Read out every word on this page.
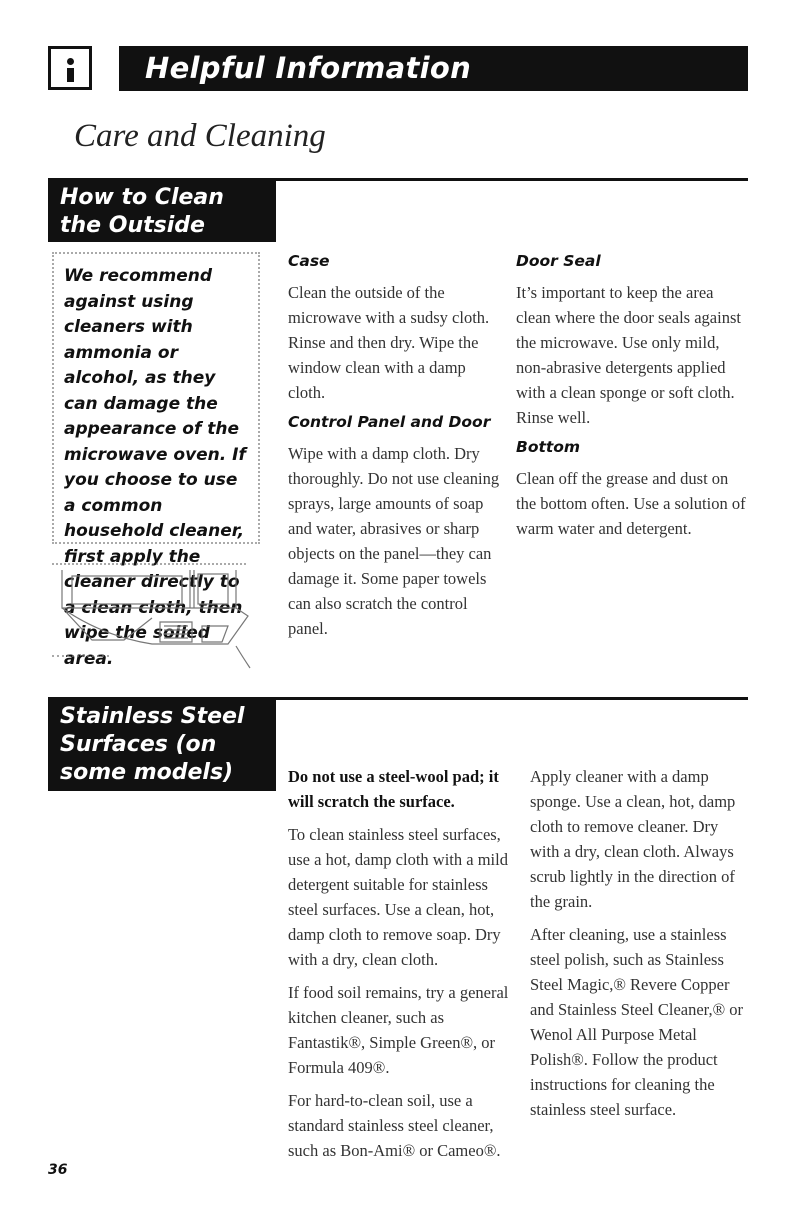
Helpful Information
Care and Cleaning
How to Clean
the Outside

We recommend against using cleaners with ammonia or alcohol, as they can damage the appearance of the microwave oven. If you choose to use a common household cleaner, first apply the cleaner directly to a clean cloth, then wipe the soiled area.

Case

Clean the outside of the microwave with a sudsy cloth. Rinse and then dry. Wipe the window clean with a damp cloth.

Control Panel and Door

Wipe with a damp cloth. Dry thoroughly. Do not use cleaning sprays, large amounts of soap and water, abrasives or sharp objects on the panel—they can damage it. Some paper towels can also scratch the control panel.

Door Seal

It’s important to keep the area clean where the door seals against the microwave. Use only mild, non-abrasive detergents applied with a clean sponge or soft cloth. Rinse well.

Bottom

Clean off the grease and dust on the bottom often. Use a solution of warm water and detergent.

Stainless Steel
Surfaces (on
some models)	Do not use a steel-wool pad; it will scratch the surface.

To clean stainless steel surfaces, use a hot, damp cloth with a mild detergent suitable for stainless steel surfaces. Use a clean, hot, damp cloth to remove soap. Dry with a dry, clean cloth.

If food soil remains, try a general kitchen cleaner, such as Fantastik®, Simple Green®, or Formula 409®.

For hard-to-clean soil, use a standard stainless steel cleaner, such as Bon-Ami® or Cameo®.

Apply cleaner with a damp sponge. Use a clean, hot, damp cloth to remove cleaner. Dry with a dry, clean cloth. Always scrub lightly in the direction of the grain.

After cleaning, use a stainless steel polish, such as Stainless Steel Magic,® Revere Copper and Stainless Steel Cleaner,® or Wenol All Purpose Metal Polish®. Follow the product instructions for cleaning the stainless steel surface.

36
